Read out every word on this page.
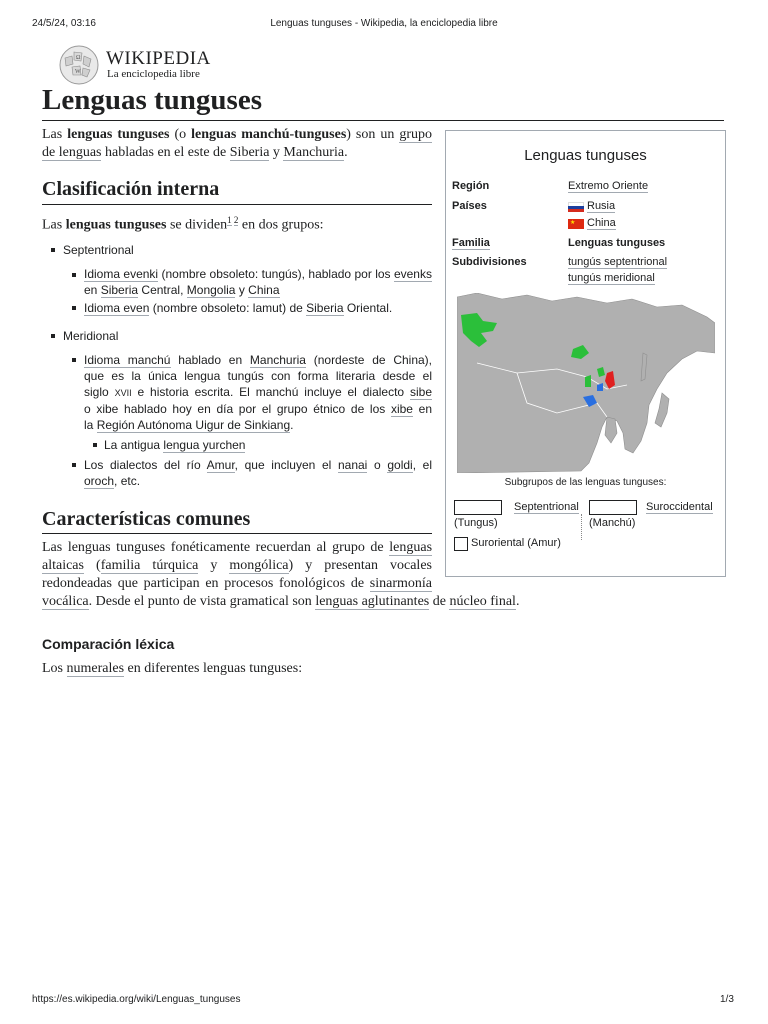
24/5/24, 03:16	Lenguas tunguses - Wikipedia, la enciclopedia libre
Ω
W
WIKIPEDIA
La enciclopedia libre
Lenguas tunguses
Las lenguas tunguses (o lenguas manchú-tunguses) son un grupo de lenguas habladas en el este de Siberia y Manchuria.
Clasificación interna
Las lenguas tunguses se dividen$^{1 2}$ en dos grupos:
Septentrional
Idioma evenki (nombre obsoleto: tungús), hablado por los evenks en Siberia Central, Mongolia y China
Idioma even (nombre obsoleto: lamut) de Siberia Oriental.
Meridional
Idioma manchú hablado en Manchuria (nordeste de China),
que es la única lengua tungús con forma literaria desde el
siglo XVII e historia escrita. El manchú incluye el dialecto sibe
o xibe hablado hoy en día por el grupo étnico de los xibe en
la Región Autónoma Uigur de Sinkiang.
La antigua lengua yurchen
Los dialectos del río Amur, que incluyen el nanai o goldi, el
oroch, etc.
Características comunes
Las lenguas tunguses fonéticamente recuerdan al grupo de lenguas
altaicas (familia túrquica y mongólica) y presentan vocales
redondeadas que participan en procesos fonológicos de sinarmonía
vocálica. Desde el punto de vista gramatical son lenguas aglutinantes de núcleo final.
Comparación léxica
Los numerales en diferentes lenguas tunguses:
Lenguas tunguses
Región	Extremo Oriente
Países	Rusia
★ China
Familia	Lenguas tunguses
Subdivisiones	tungús septentrional
tungús meridional
Subgrupos de las lenguas tunguses:
Septentrional
(Tungus)
Suroccidental
(Manchú)
Suroriental (Amur)
https://es.wikipedia.org/wiki/Lenguas_tunguses	1/3
